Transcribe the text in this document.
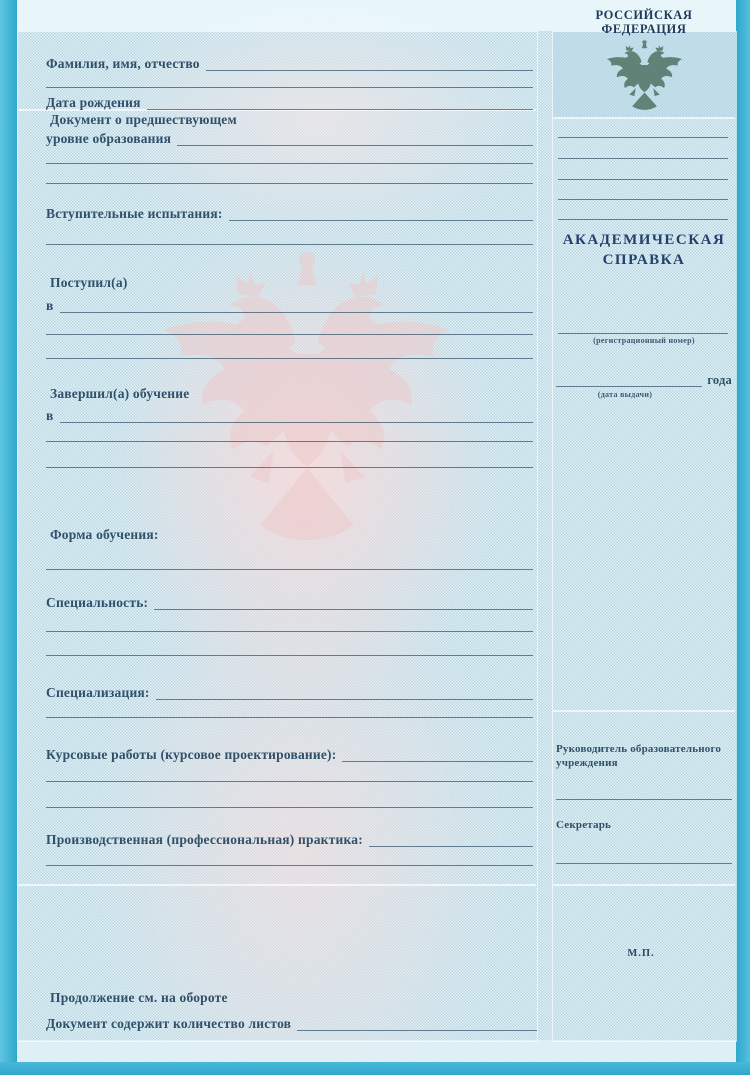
Фамилия, имя, отчество
Дата рождения
Документ о предшествующем
уровне образования
Вступительные испытания:
Поступил(а)
в
Завершил(а) обучение
в
Форма обучения:
Специальность:
Специализация:
Курсовые работы (курсовое проектирование):
Производственная (профессиональная) практика:
Продолжение см. на обороте
Документ содержит количество листов
РОССИЙСКАЯ
ФЕДЕРАЦИЯ
АКАДЕМИЧЕСКАЯ
СПРАВКА
(регистрационный номер)
года
(дата выдачи)
Руководитель образовательного
учреждения
Секретарь
М.П.
